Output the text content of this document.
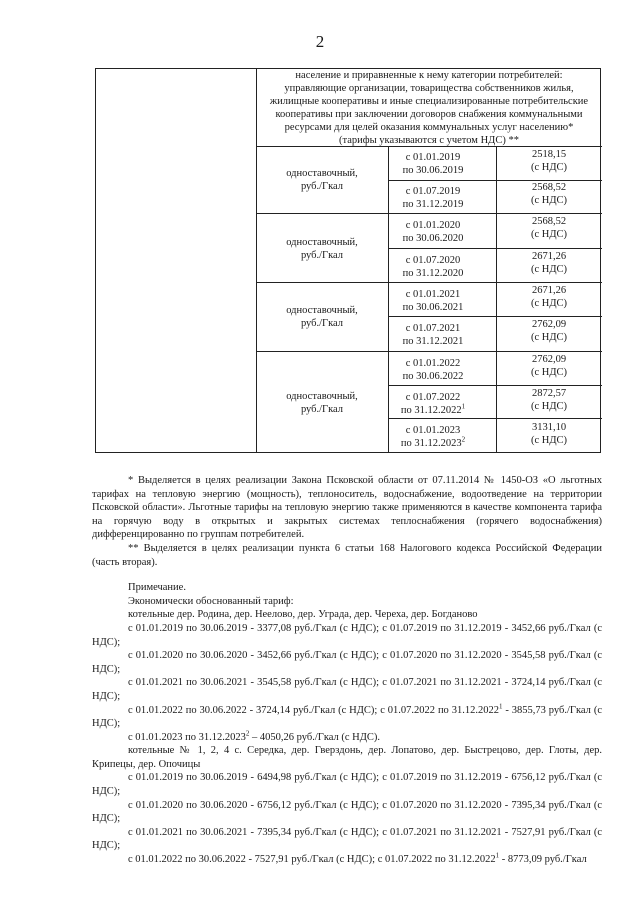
2
население и приравненные к нему категории потребителей:
управляющие организации, товарищества собственников жилья,
жилищные кооперативы и иные специализированные потребительские
кооперативы при заключении договоров снабжения коммунальными
ресурсами для целей оказания коммунальных услуг населению*
(тарифы указываются с учетом НДС) **
одноставочный,
руб./Гкал
с 01.01.2019
по 30.06.2019
2518,15
(с НДС)
с 01.07.2019
по 31.12.2019
2568,52
(с НДС)
одноставочный,
руб./Гкал
с 01.01.2020
по 30.06.2020
2568,52
(с НДС)
с 01.07.2020
по 31.12.2020
2671,26
(с НДС)
одноставочный,
руб./Гкал
с 01.01.2021
по 30.06.2021
2671,26
(с НДС)
с 01.07.2021
по 31.12.2021
2762,09
(с НДС)
одноставочный,
руб./Гкал
с 01.01.2022
по 30.06.2022
2762,09
(с НДС)
с 01.07.2022
по 31.12.2022$^1$
2872,57
(с НДС)
с 01.01.2023
по 31.12.2023$^2$
3131,10
(с НДС)

* Выделяется в целях реализации Закона Псковской области от 07.11.2014 № 1450-ОЗ «О льготных тарифах на тепловую энергию (мощность), теплоноситель, водоснабжение, водоотведение на территории Псковской области». Льготные тарифы на тепловую энергию также применяются в качестве компонента тарифа на горячую воду в открытых и закрытых системах теплоснабжения (горячего водоснабжения) дифференцированно по группам потребителей.

** Выделяется в целях реализации пункта 6 статьи 168 Налогового кодекса Российской Федерации (часть вторая).

Примечание.

Экономически обоснованный тариф:

котельные дер. Родина, дер. Неелово, дер. Уграда, дер. Череха, дер. Богданово

с 01.01.2019 по 30.06.2019 - 3377,08 руб./Гкал (с НДС); с 01.07.2019 по 31.12.2019 - 3452,66 руб./Гкал (с НДС);

с 01.01.2020 по 30.06.2020 - 3452,66 руб./Гкал (с НДС); с 01.07.2020 по 31.12.2020 - 3545,58 руб./Гкал (с НДС);

с 01.01.2021 по 30.06.2021 - 3545,58 руб./Гкал (с НДС); с 01.07.2021 по 31.12.2021 - 3724,14 руб./Гкал (с НДС);

с 01.01.2022 по 30.06.2022 - 3724,14 руб./Гкал (с НДС); с 01.07.2022 по 31.12.2022$^1$ - 3855,73 руб./Гкал (с НДС);

с 01.01.2023 по 31.12.2023$^2$ – 4050,26 руб./Гкал (с НДС).

котельные № 1, 2, 4 с. Середка, дер. Гверздонь, дер. Лопатово, дер. Быстрецово, дер. Глоты, дер. Крипецы, дер. Опочицы

с 01.01.2019 по 30.06.2019 - 6494,98 руб./Гкал (с НДС); с 01.07.2019 по 31.12.2019 - 6756,12 руб./Гкал (с НДС);

с 01.01.2020 по 30.06.2020 - 6756,12 руб./Гкал (с НДС); с 01.07.2020 по 31.12.2020 - 7395,34 руб./Гкал (с НДС);

с 01.01.2021 по 30.06.2021 - 7395,34 руб./Гкал (с НДС); с 01.07.2021 по 31.12.2021 - 7527,91 руб./Гкал (с НДС);

с 01.01.2022 по 30.06.2022 - 7527,91 руб./Гкал (с НДС); с 01.07.2022 по 31.12.2022$^1$ - 8773,09 руб./Гкал
